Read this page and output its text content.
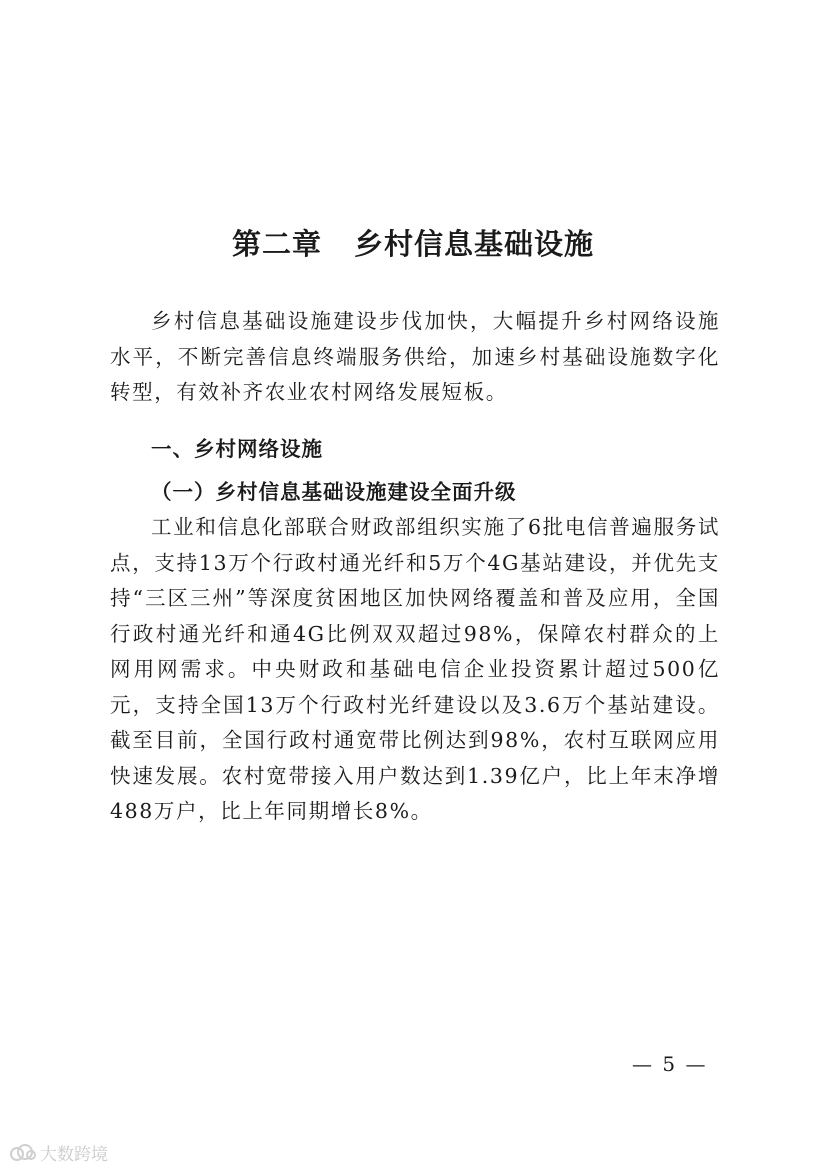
第二章 乡村信息基础设施

乡村信息基础设施建设步伐加快，大幅提升乡村网络设施水平，不断完善信息终端服务供给，加速乡村基础设施数字化转型，有效补齐农业农村网络发展短板。

一、乡村网络设施
（一）乡村信息基础设施建设全面升级

工业和信息化部联合财政部组织实施了6批电信普遍服务试点，支持13万个行政村通光纤和5万个4G基站建设，并优先支持“三区三州”等深度贫困地区加快网络覆盖和普及应用，全国行政村通光纤和通4G比例双双超过98%，保障农村群众的上网用网需求。中央财政和基础电信企业投资累计超过500亿元，支持全国13万个行政村光纤建设以及3.6万个基站建设。截至目前，全国行政村通宽带比例达到98%，农村互联网应用快速发展。农村宽带接入用户数达到1.39亿户，比上年末净增488万户，比上年同期增长8%。

— 5 —
大数跨境
